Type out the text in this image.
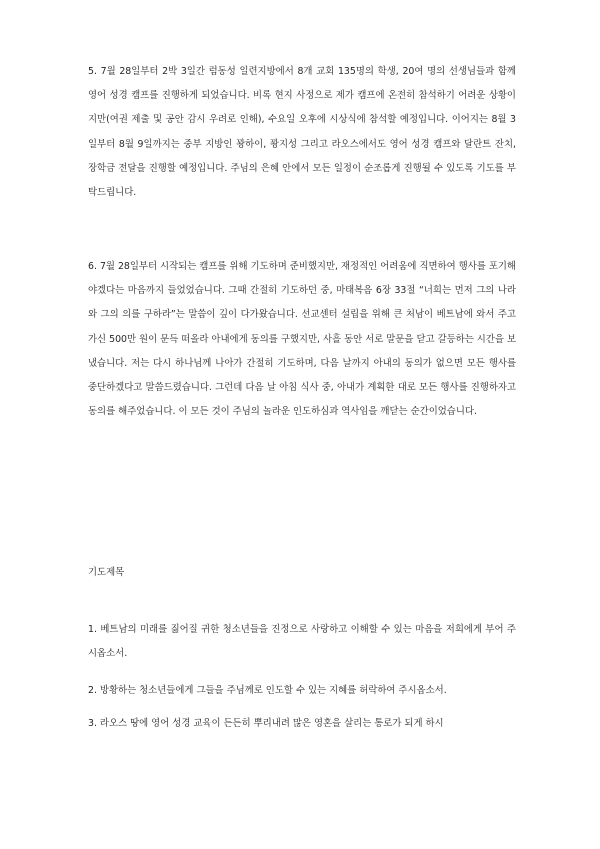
5. 7월 28일부터 2박 3일간 럼동성 일련지방에서 8개 교회 135명의 학생, 20여 명의 선생님들과 함께 영어 성경 캠프를 진행하게 되었습니다. 비록 현지 사정으로 제가 캠프에 온전히 참석하기 어려운 상황이지만(여권 제출 및 공안 감시 우려로 인해), 수요일 오후에 시상식에 참석할 예정입니다. 이어지는 8월 3일부터 8월 9일까지는 중부 지방인 꽝하이, 꽝지성 그리고 라오스에서도 영어 성경 캠프와 달란트 잔치, 장학금 전달을 진행할 예정입니다. 주님의 은혜 안에서 모든 일정이 순조롭게 진행될 수 있도록 기도를 부탁드립니다.

6. 7월 28일부터 시작되는 캠프를 위해 기도하며 준비했지만, 재정적인 어려움에 직면하여 행사를 포기해야겠다는 마음까지 들었었습니다. 그때 간절히 기도하던 중, 마태복음 6장 33절 “너희는 먼저 그의 나라와 그의 의를 구하라”는 말씀이 깊이 다가왔습니다. 선교센터 설립을 위해 큰 처남이 베트남에 와서 주고 가신 500만 원이 문득 떠올라 아내에게 동의를 구했지만, 사흘 동안 서로 말문을 닫고 갈등하는 시간을 보냈습니다. 저는 다시 하나님께 나아가 간절히 기도하며, 다음 날까지 아내의 동의가 없으면 모든 행사를 중단하겠다고 말씀드렸습니다. 그런데 다음 날 아침 식사 중, 아내가 계획한 대로 모든 행사를 진행하자고 동의를 해주었습니다. 이 모든 것이 주님의 놀라운 인도하심과 역사임을 깨닫는 순간이었습니다.

기도제목

1. 베트남의 미래를 짊어질 귀한 청소년들을 진정으로 사랑하고 이해할 수 있는 마음을 저희에게 부어 주시옵소서.

2. 방황하는 청소년들에게 그들을 주님께로 인도할 수 있는 지혜를 허락하여 주시옵소서.

3. 라오스 땅에 영어 성경 교육이 든든히 뿌리내려 많은 영혼을 살리는 통로가 되게 하시
